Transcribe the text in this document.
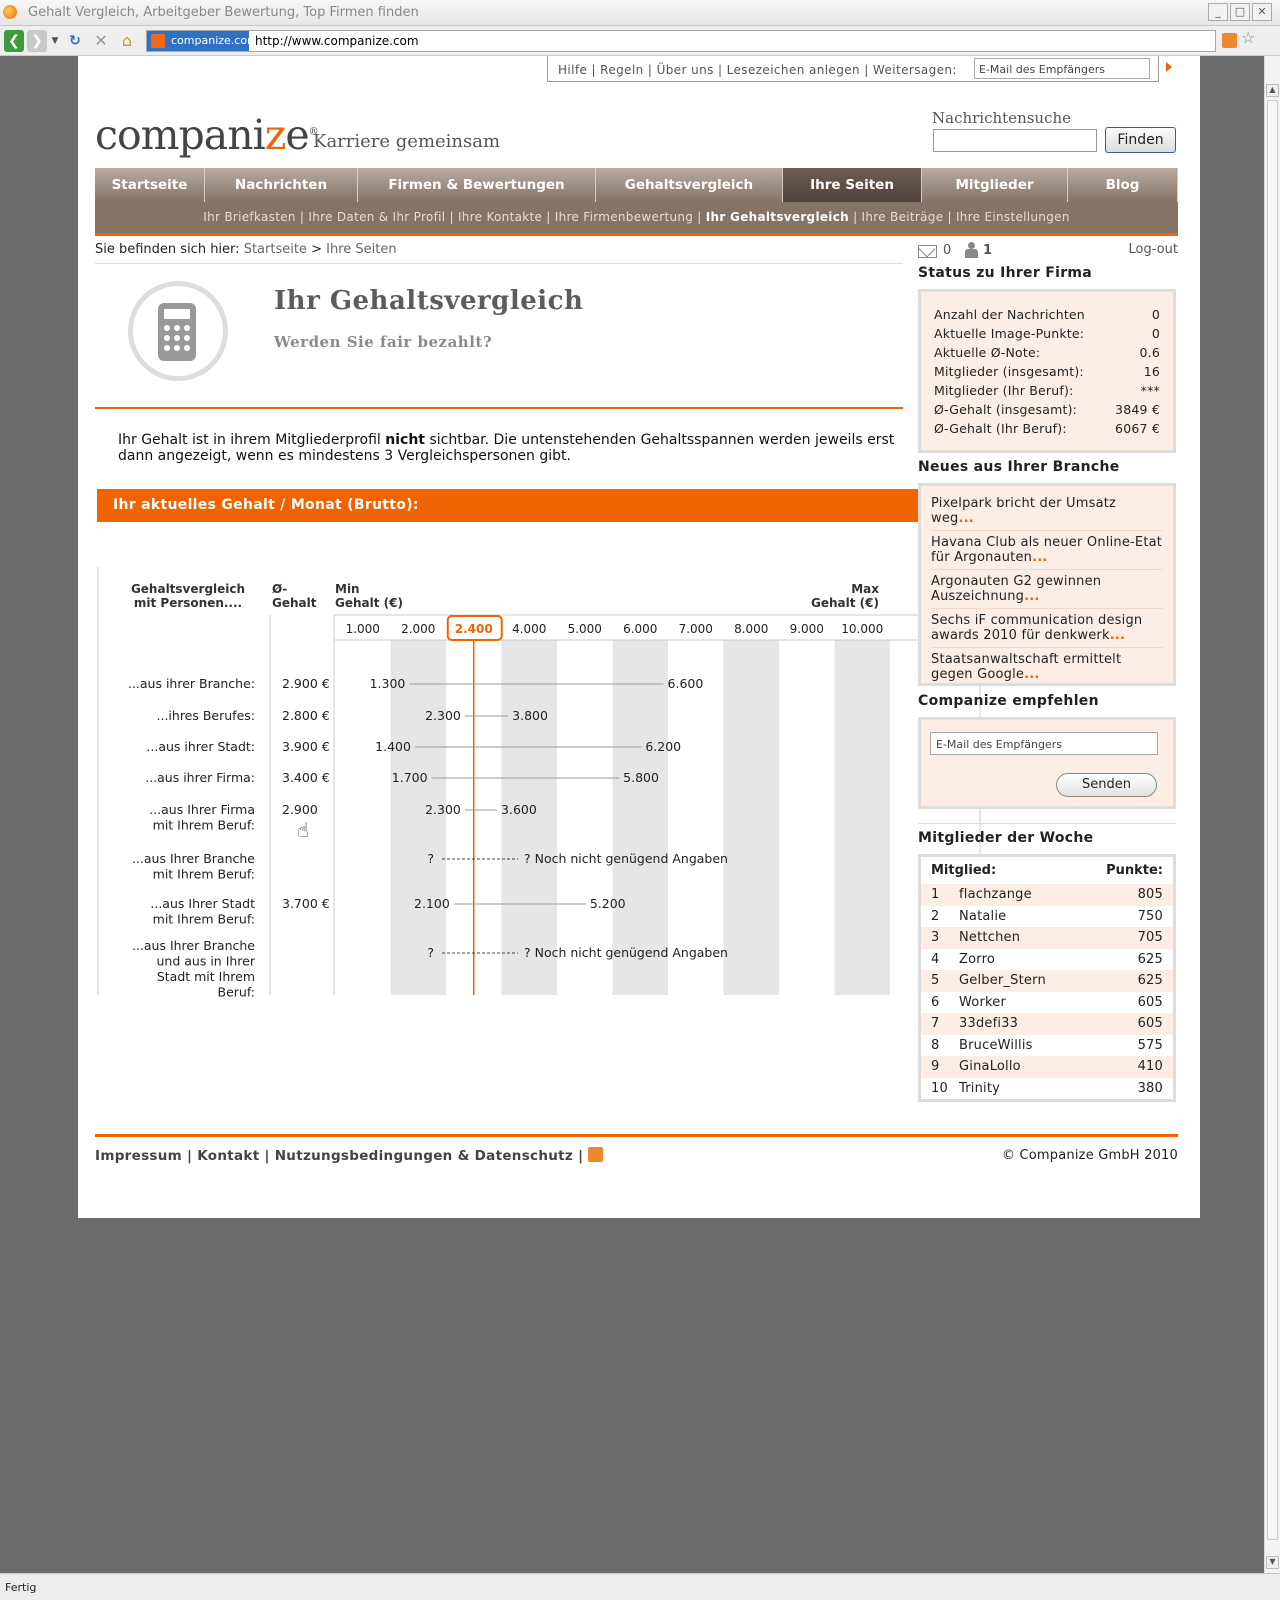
Gehalt Vergleich, Arbeitgeber Bewertung, Top Firmen finden	_	□	✕
❮ ❯ ▼ ↻ ✕ ⌂	companize.com
http://www.companize.com	☆
▲
▼
Hilfe | Regeln | Über uns | Lesezeichen anlegen | Weitersagen:	E-Mail des Empfängers
companize®
Karriere gemeinsam
Nachrichtensuche
Finden
Startseite	Nachrichten	Firmen & Bewertungen	Gehaltsvergleich	Ihre Seiten	Mitglieder	Blog
Ihr Briefkasten | Ihre Daten & Ihr Profil | Ihre Kontakte | Ihre Firmenbewertung | Ihr Gehaltsvergleich | Ihre Beiträge | Ihre Einstellungen
Sie befinden sich hier: Startseite > Ihre Seiten
Ihr Gehaltsvergleich
Werden Sie fair bezahlt?
Ihr Gehalt ist in ihrem Mitgliederprofil nicht sichtbar. Die untenstehenden Gehaltsspannen werden jeweils erst dann angezeigt, wenn es mindestens 3 Vergleichspersonen gibt.
Ihr aktuelles Gehalt / Monat (Brutto):
Gehaltsvergleich mit Personen....
Ø-Gehalt
Min Gehalt (€)
Max Gehalt (€)
1.000 2.000 2.400 4.000 5.000 6.000 7.000 8.000 9.000 10.000
...aus ihrer Branche: 2.900 €	1.300	6.600
...ihres Berufes: 2.800 €	2.300	3.800
...aus ihrer Stadt: 3.900 €	1.400	6.200
...aus ihrer Firma: 3.400 €	1.700	5.800
...aus Ihrer Firma mit Ihrem Beruf:
2.900	2.300	3.600
...aus Ihrer Branche mit Ihrem Beruf:
?	? Noch nicht genügend Angaben
...aus Ihrer Stadt mit Ihrem Beruf:
3.700 €	2.100	5.200
...aus Ihrer Branche und aus in Ihrer Stadt mit Ihrem Beruf:
?	? Noch nicht genügend Angaben
☝
0 1	Log-out
Status zu Ihrer Firma
Anzahl der Nachrichten	0
Aktuelle Image-Punkte:	0
Aktuelle Ø-Note:	0.6
Mitglieder (insgesamt):	16
Mitglieder (Ihr Beruf):	***
Ø-Gehalt (insgesamt):	3849 €
Ø-Gehalt (Ihr Beruf):	6067 €
Neues aus Ihrer Branche
Pixelpark bricht der Umsatz weg...
Havana Club als neuer Online-Etat für Argonauten...
Argonauten G2 gewinnen Auszeichnung...
Sechs iF communication design awards 2010 für denkwerk...
Staatsanwaltschaft ermittelt gegen Google...
Companize empfehlen
E-Mail des Empfängers
Senden
Mitglieder der Woche
Mitglied:	Punkte:
1	flachzange	805
2	Natalie	750
3	Nettchen	705
4	Zorro	625
5	Gelber_Stern	625
6	Worker	605
7	33defi33	605
8	BruceWillis	575
9	GinaLollo	410
10 Trinity	380
Impressum | Kontakt | Nutzungsbedingungen & Datenschutz |	© Companize GmbH 2010
Fertig
